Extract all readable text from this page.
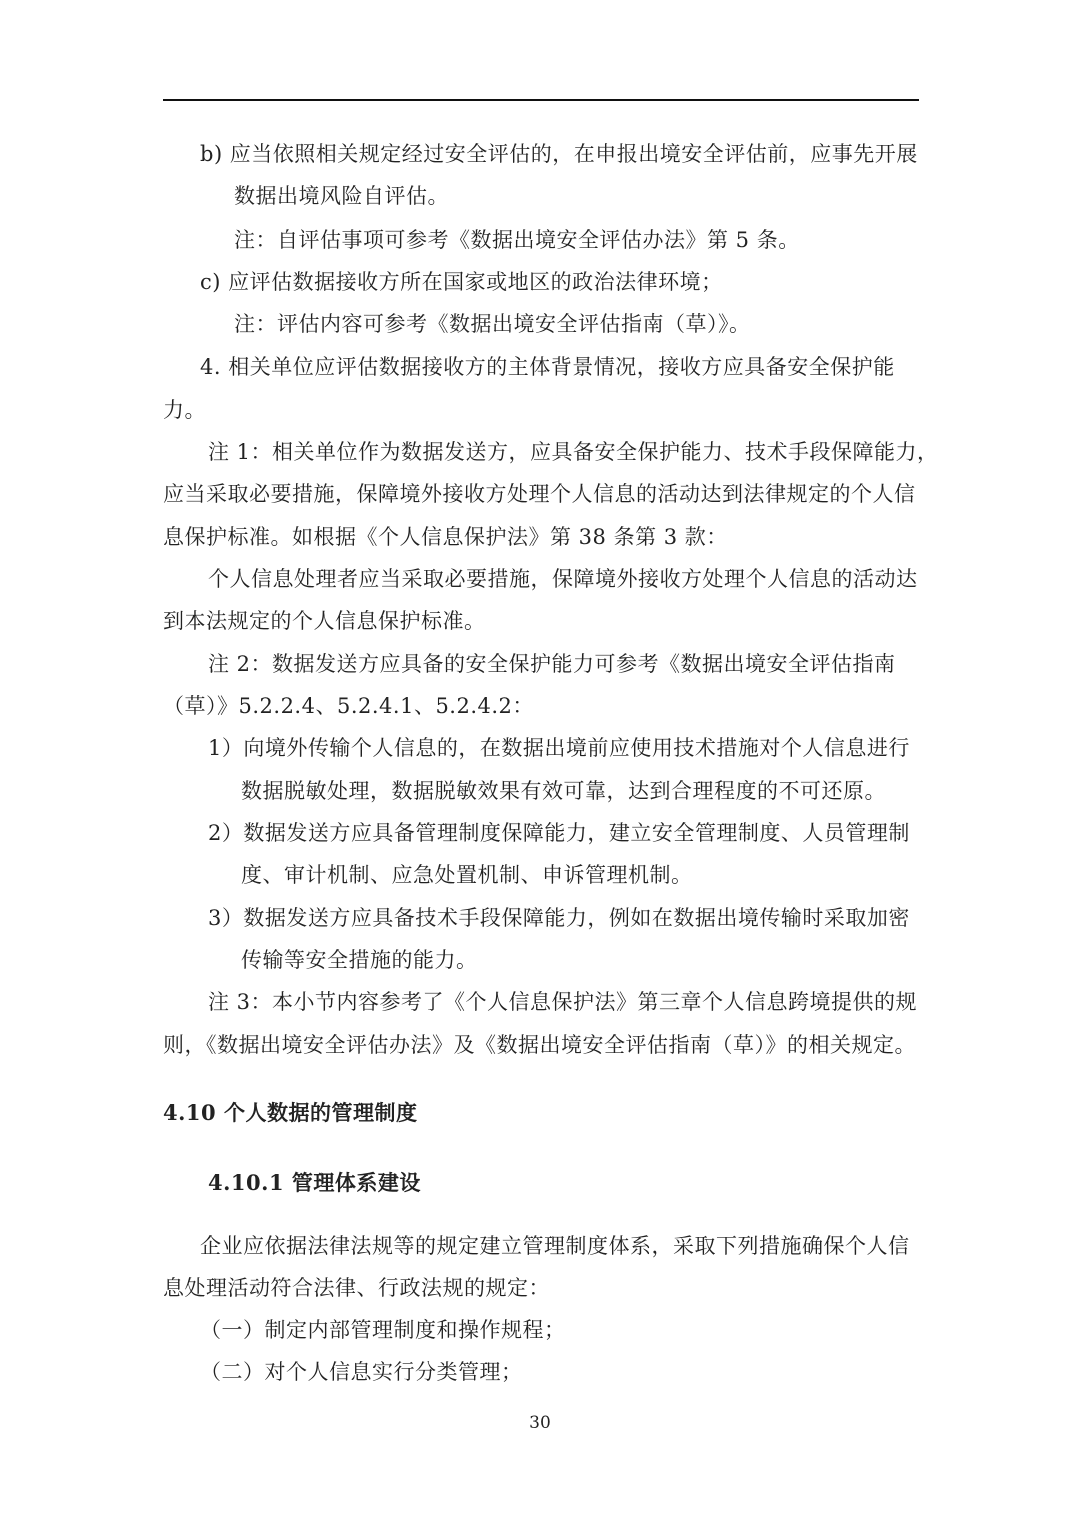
b) 应当依照相关规定经过安全评估的，在申报出境安全评估前，应事先开展
数据出境风险自评估。
注：自评估事项可参考《数据出境安全评估办法》第 5 条。
c) 应评估数据接收方所在国家或地区的政治法律环境；
注：评估内容可参考《数据出境安全评估指南（草）》。
4. 相关单位应评估数据接收方的主体背景情况，接收方应具备安全保护能
力。
注 1：相关单位作为数据发送方，应具备安全保护能力、技术手段保障能力，
应当采取必要措施，保障境外接收方处理个人信息的活动达到法律规定的个人信
息保护标准。如根据《个人信息保护法》第 38 条第 3 款：
个人信息处理者应当采取必要措施，保障境外接收方处理个人信息的活动达
到本法规定的个人信息保护标准。
注 2：数据发送方应具备的安全保护能力可参考《数据出境安全评估指南
（草）》5.2.2.4、5.2.4.1、5.2.4.2：
1）向境外传输个人信息的，在数据出境前应使用技术措施对个人信息进行
数据脱敏处理，数据脱敏效果有效可靠，达到合理程度的不可还原。
2）数据发送方应具备管理制度保障能力，建立安全管理制度、人员管理制
度、审计机制、应急处置机制、申诉管理机制。
3）数据发送方应具备技术手段保障能力，例如在数据出境传输时采取加密
传输等安全措施的能力。
注 3：本小节内容参考了《个人信息保护法》第三章个人信息跨境提供的规
则，《数据出境安全评估办法》及《数据出境安全评估指南（草）》的相关规定。
4.10 个人数据的管理制度
4.10.1 管理体系建设
企业应依据法律法规等的规定建立管理制度体系，采取下列措施确保个人信
息处理活动符合法律、行政法规的规定：
（一）制定内部管理制度和操作规程；
（二）对个人信息实行分类管理；
30
